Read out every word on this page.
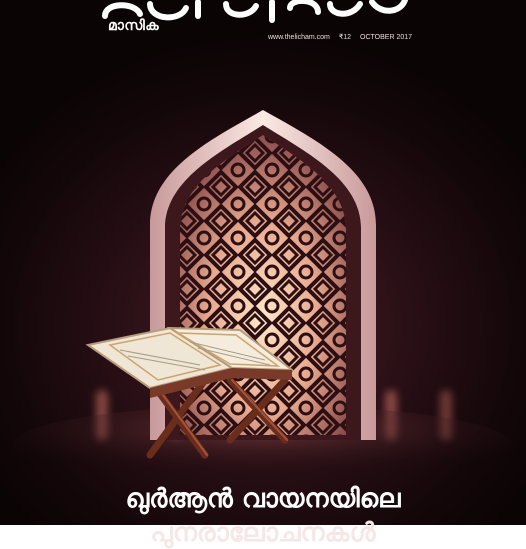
മാസിക
www.thelicham.com ₹12 OCTOBER 2017
ഖുർആൻ വായനയിലെ
പുനരാലോചനകൾ
